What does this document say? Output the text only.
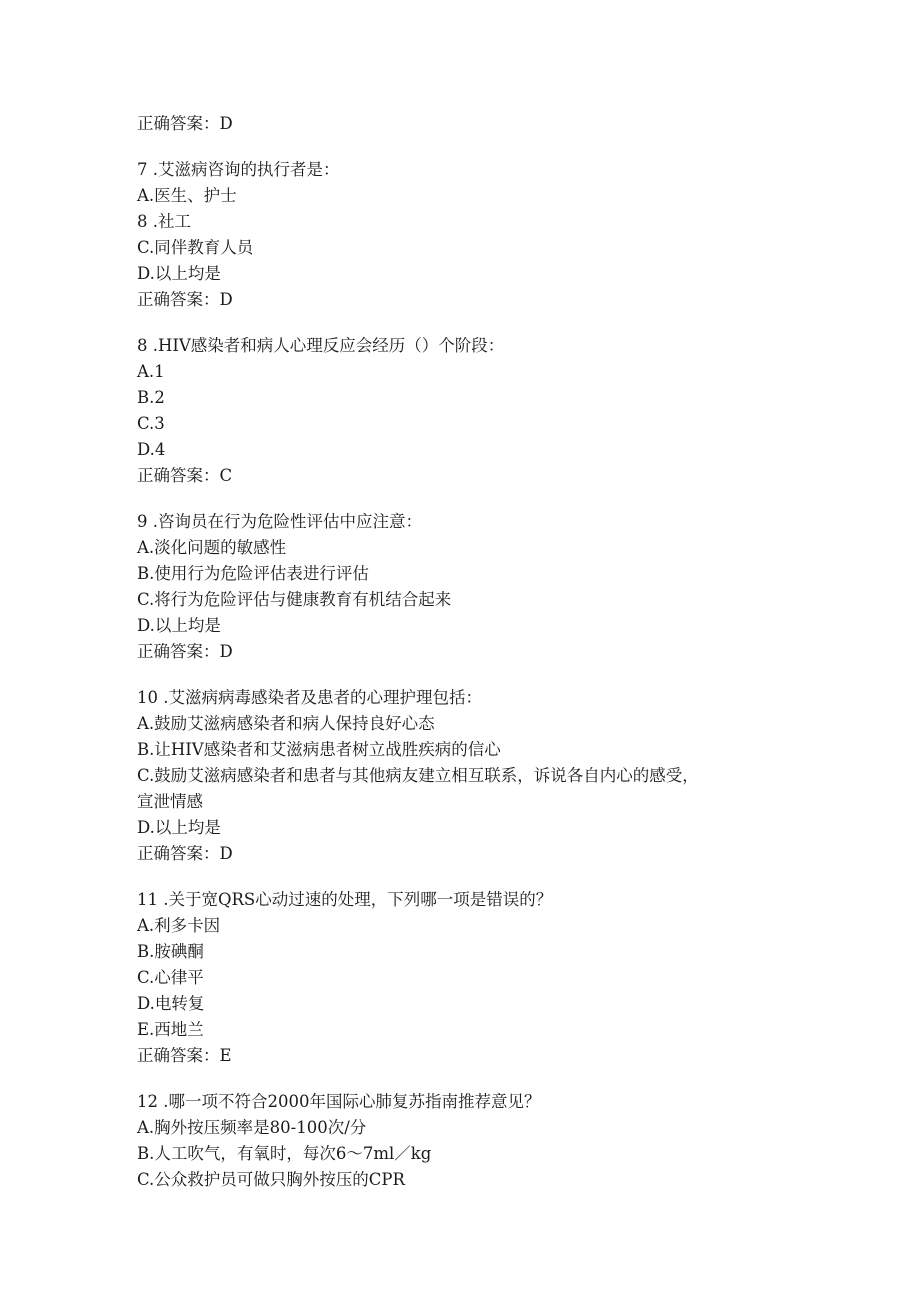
正确答案：D
7 .艾滋病咨询的执行者是：
A.医生、护士
8 .社工
C.同伴教育人员
D.以上均是
正确答案：D
8 .HIV感染者和病人心理反应会经历（）个阶段：
A.1
B.2
C.3
D.4
正确答案：C
9 .咨询员在行为危险性评估中应注意：
A.淡化问题的敏感性
B.使用行为危险评估表进行评估
C.将行为危险评估与健康教育有机结合起来
D.以上均是
正确答案：D
10 .艾滋病病毒感染者及患者的心理护理包括：
A.鼓励艾滋病感染者和病人保持良好心态
B.让HIV感染者和艾滋病患者树立战胜疾病的信心
C.鼓励艾滋病感染者和患者与其他病友建立相互联系，诉说各自内心的感受，
宣泄情感
D.以上均是
正确答案：D
11 .关于宽QRS心动过速的处理，下列哪一项是错误的？
A.利多卡因
B.胺碘酮
C.心律平
D.电转复
E.西地兰
正确答案：E
12 .哪一项不符合2000年国际心肺复苏指南推荐意见？
A.胸外按压频率是80-100次/分
B.人工吹气，有氧时，每次6～7ml／kg
C.公众救护员可做只胸外按压的CPR
